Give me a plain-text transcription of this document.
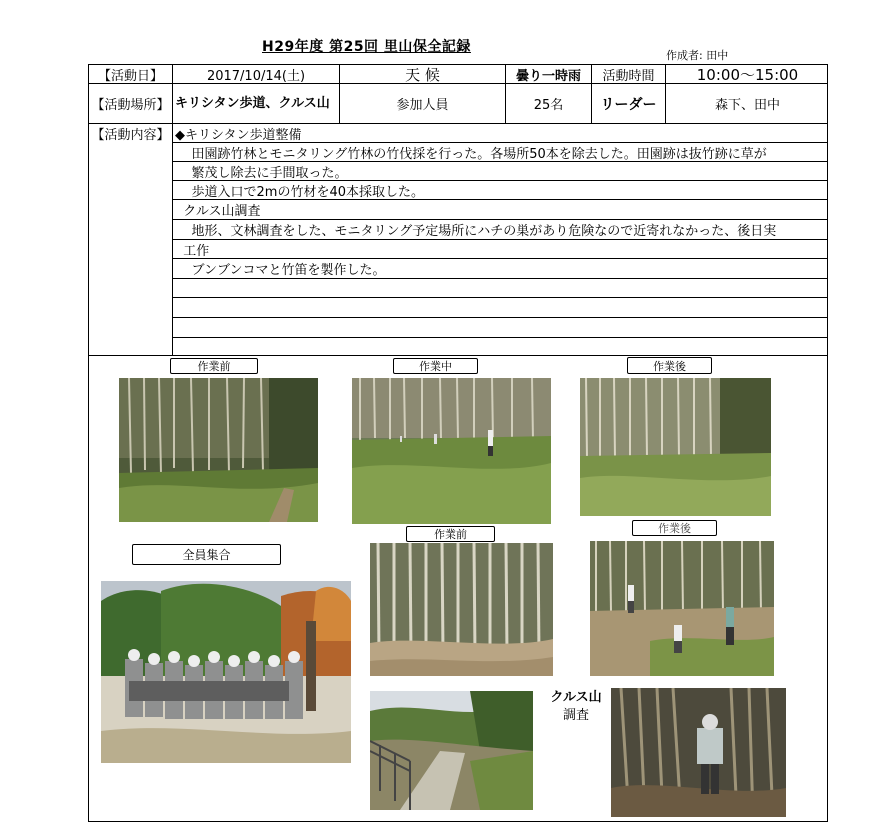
H29年度 第25回 里山保全記録
作成者: 田中
【活動日】	2017/10/14(土)	天 候	曇り一時雨	活動時間	10:00〜15:00
【活動場所】 キリシタン歩道、クルス山	参加人員	25名	リーダー	森下、田中
【活動内容】 ◆キリシタン歩道整備
田園跡竹林とモニタリング竹林の竹伐採を行った。各場所50本を除去した。田園跡は抜竹跡に草が
繁茂し除去に手間取った。
歩道入口で2mの竹材を40本採取した。
クルス山調査
地形、文林調査をした、モニタリング予定場所にハチの巣があり危険なので近寄れなかった、後日実
工作
ブンブンコマと竹笛を製作した。
作業前	作業中	作業後
全員集合
作業前	作業後
クルス山
調査
